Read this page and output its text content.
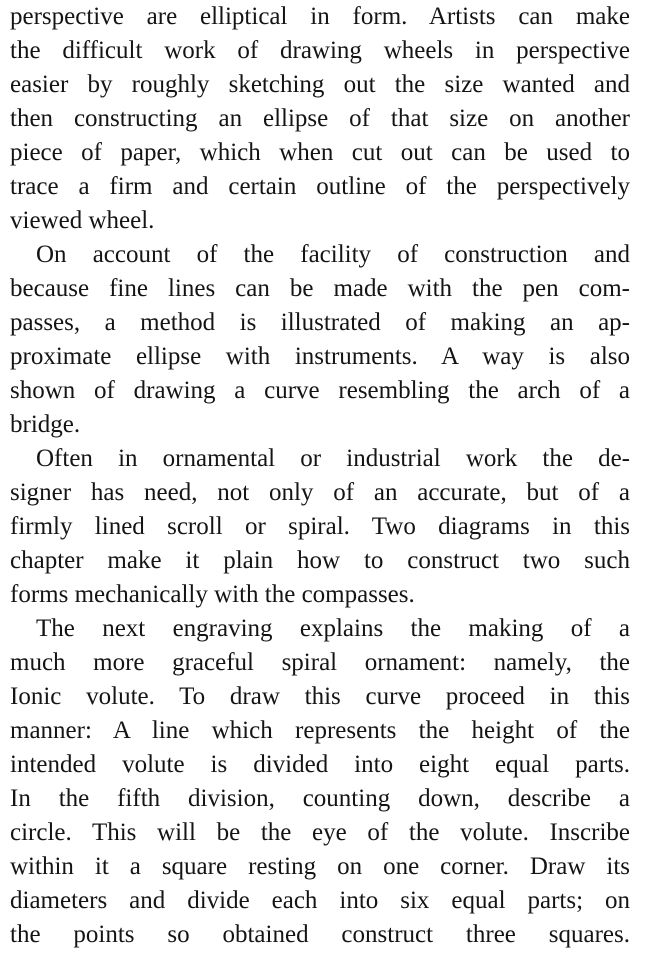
perspective are elliptical in form. Artists can make
the difficult work of drawing wheels in perspective
easier by roughly sketching out the size wanted and
then constructing an ellipse of that size on another
piece of paper, which when cut out can be used to
trace a firm and certain outline of the perspectively
viewed wheel.
On account of the facility of construction and
because fine lines can be made with the pen com-
passes, a method is illustrated of making an ap-
proximate ellipse with instruments. A way is also
shown of drawing a curve resembling the arch of a
bridge.
Often in ornamental or industrial work the de-
signer has need, not only of an accurate, but of a
firmly lined scroll or spiral. Two diagrams in this
chapter make it plain how to construct two such
forms mechanically with the compasses.
The next engraving explains the making of a
much more graceful spiral ornament: namely, the
Ionic volute. To draw this curve proceed in this
manner: A line which represents the height of the
intended volute is divided into eight equal parts.
In the fifth division, counting down, describe a
circle. This will be the eye of the volute. Inscribe
within it a square resting on one corner. Draw its
diameters and divide each into six equal parts; on
the points so obtained construct three squares.
